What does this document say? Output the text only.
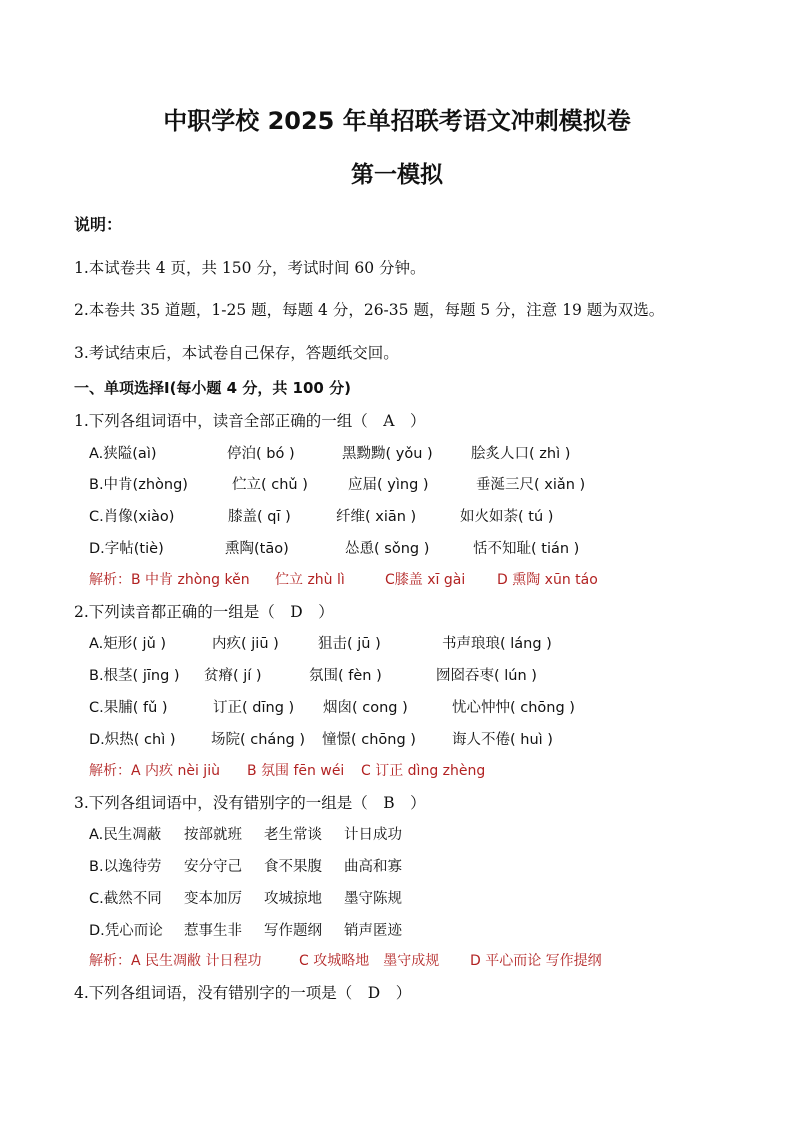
中职学校 2025 年单招联考语文冲刺模拟卷
第一模拟
说明：
1.本试卷共 4 页，共 150 分，考试时间 60 分钟。
2.本卷共 35 道题，1-25 题，每题 4 分，26-35 题，每题 5 分，注意 19 题为双选。
3.考试结束后，本试卷自己保存，答题纸交回。
一、单项选择Ⅰ(每小题 4 分，共 100 分)
1.下列各组词语中，读音全部正确的一组（　A　）
A.狭隘(aì)	停泊( bó )	黑黝黝( yǒu )	脍炙人口( zhì )
B.中肯(zhòng)	伫立( chǔ )	应届( yìng )	垂涎三尺( xiǎn )
C.肖像(xiào)	膝盖( qī )	纤维( xiān )	如火如荼( tú )
D.字帖(tiè)	熏陶(tāo)	怂恿( sǒng )	恬不知耻( tián )
解析：B 中肯 zhòng kěn 伫立 zhù lì	C膝盖 xī gài D 熏陶 xūn táo
2.下列读音都正确的一组是（　D　）
A.矩形( jǔ )	内疚( jiū )	狙击( jū )	书声琅琅( láng )
B.根茎( jīng ) 贫瘠( jí )	氛围( fèn )	囫囵吞枣( lún )
C.果脯( fǔ )	订正( dīng ) 烟囱( cong )	忧心忡忡( chōng )
D.炽热( chì ) 场院( cháng ) 憧憬( chōng ) 诲人不倦( huì )
解析：A 内疚 nèi jiù B 氛围 fēn wéi C 订正 dìng zhèng
3.下列各组词语中，没有错别字的一组是（　B　）
A.民生凋蔽 按部就班 老生常谈 计日成功
B.以逸待劳 安分守己 食不果腹 曲高和寡
C.截然不同 变本加厉 攻城掠地 墨守陈规
D.凭心而论 惹事生非 写作题纲 销声匿迹
解析：A 民生凋敝 计日程功	C 攻城略地　墨守成规 D 平心而论 写作提纲
4.下列各组词语，没有错别字的一项是（　D　）
